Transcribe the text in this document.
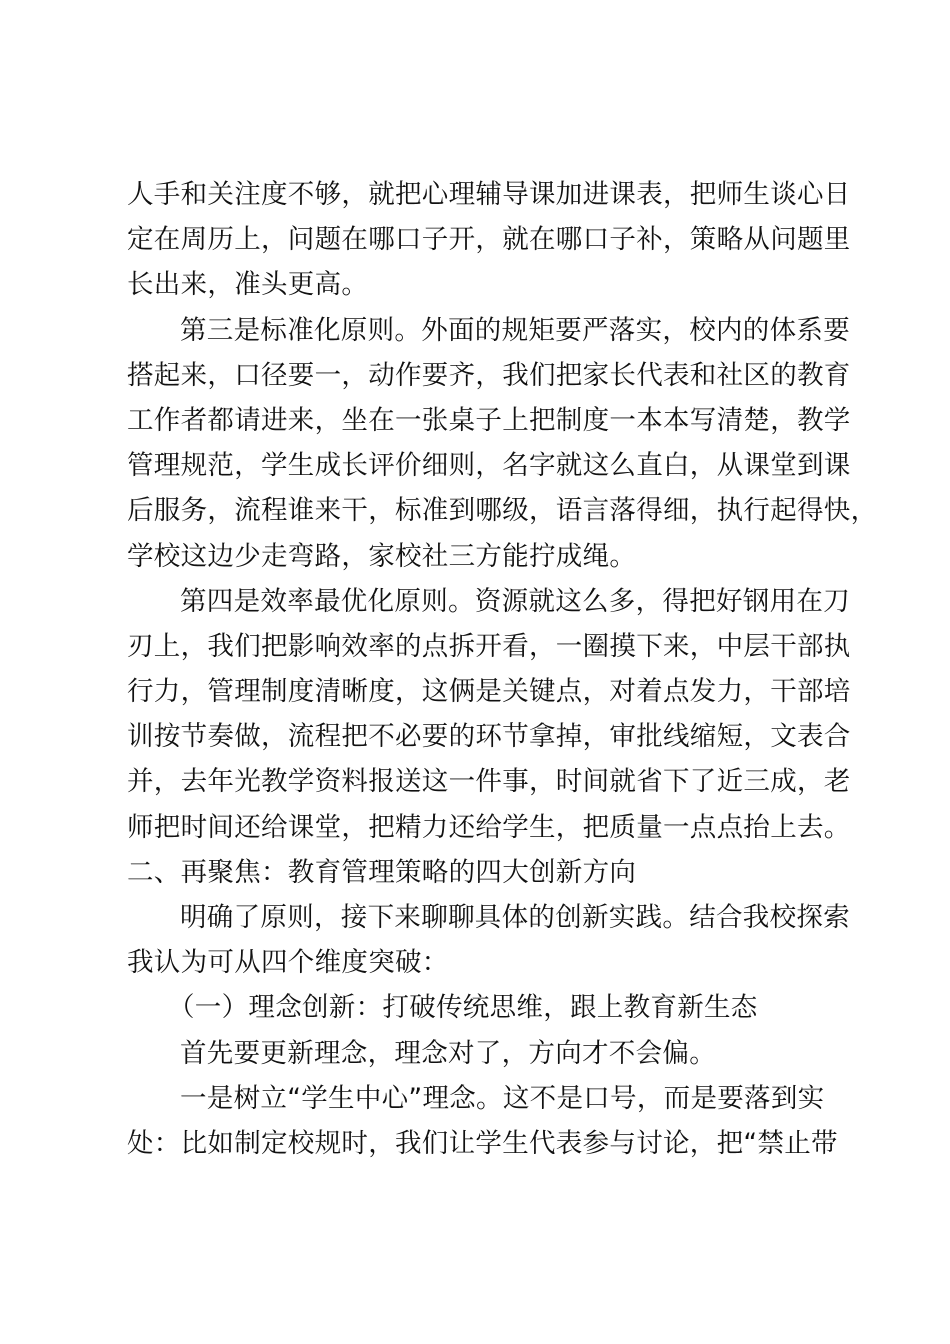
人手和关注度不够，就把心理辅导课加进课表，把师生谈心日
定在周历上，问题在哪口子开，就在哪口子补，策略从问题里
长出来，准头更高。
第三是标准化原则。外面的规矩要严落实，校内的体系要
搭起来，口径要一，动作要齐，我们把家长代表和社区的教育
工作者都请进来，坐在一张桌子上把制度一本本写清楚，教学
管理规范，学生成长评价细则，名字就这么直白，从课堂到课
后服务，流程谁来干，标准到哪级，语言落得细，执行起得快，
学校这边少走弯路，家校社三方能拧成绳。
第四是效率最优化原则。资源就这么多，得把好钢用在刀
刃上，我们把影响效率的点拆开看，一圈摸下来，中层干部执
行力，管理制度清晰度，这俩是关键点，对着点发力，干部培
训按节奏做，流程把不必要的环节拿掉，审批线缩短，文表合
并，去年光教学资料报送这一件事，时间就省下了近三成，老
师把时间还给课堂，把精力还给学生，把质量一点点抬上去。
二、再聚焦：教育管理策略的四大创新方向
明确了原则，接下来聊聊具体的创新实践。结合我校探索
我认为可从四个维度突破：
（一）理念创新：打破传统思维，跟上教育新生态
首先要更新理念，理念对了，方向才不会偏。
一是树立“学生中心”理念。这不是口号，而是要落到实
处：比如制定校规时，我们让学生代表参与讨论，把“禁止带
